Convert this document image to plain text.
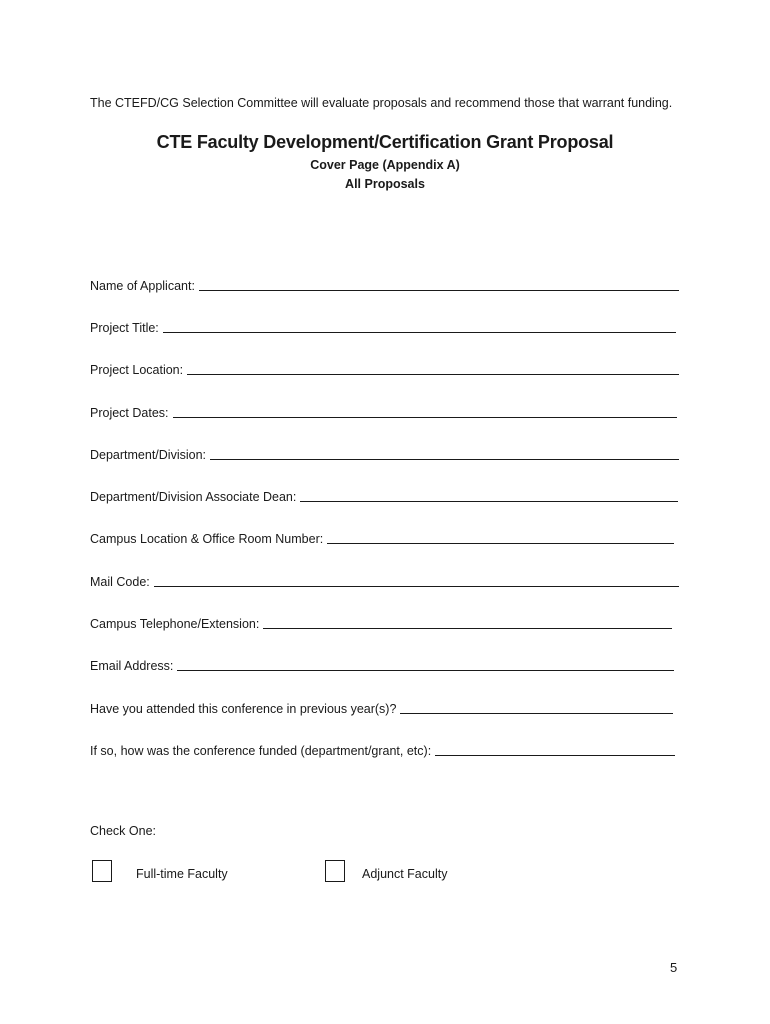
The CTEFD/CG Selection Committee will evaluate proposals and recommend those that warrant funding.
CTE Faculty Development/Certification Grant Proposal
Cover Page (Appendix A)
All Proposals
Name of Applicant:
Project Title:
Project Location:
Project Dates:
Department/Division:
Department/Division Associate Dean:
Campus Location & Office Room Number:
Mail Code:
Campus Telephone/Extension:
Email Address:
Have you attended this conference in previous year(s)?
If so, how was the conference funded (department/grant, etc):
Check One:
Full-time Faculty	Adjunct Faculty
5
